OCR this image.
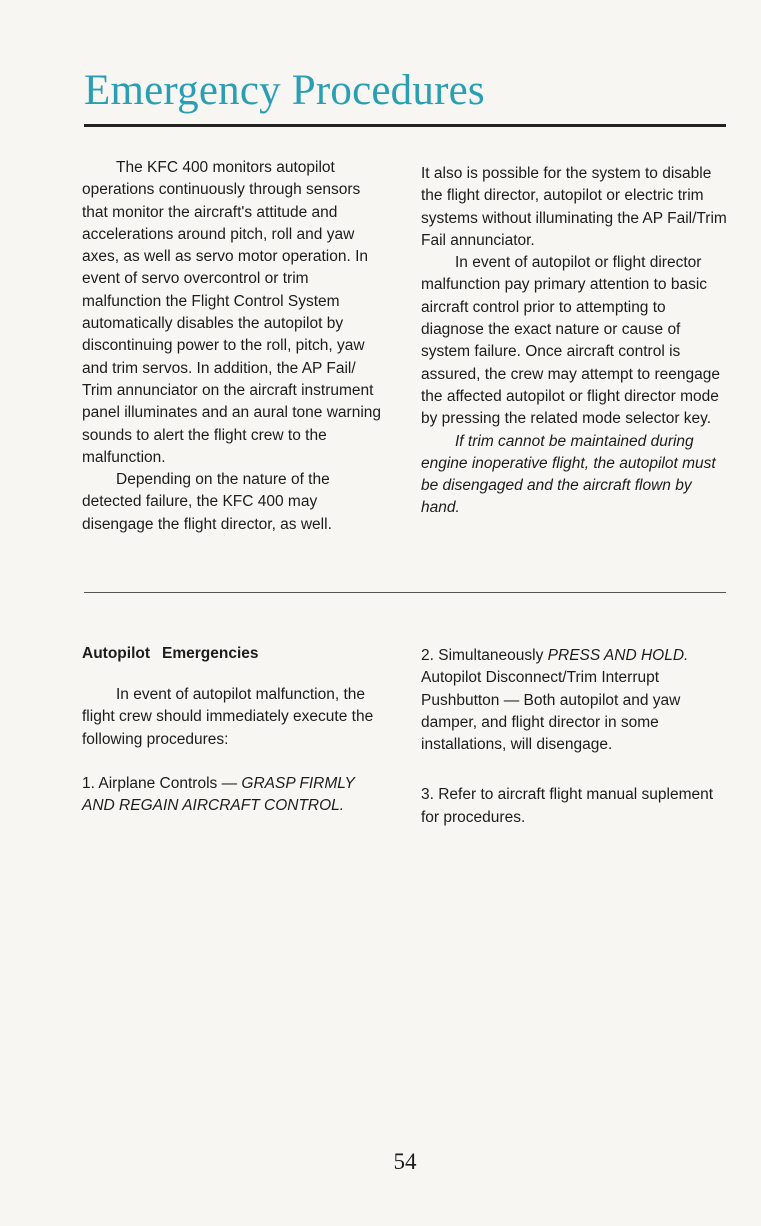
Emergency Procedures

The KFC 400 monitors autopilot operations continuously through sensors that monitor the aircraft's attitude and accelerations around pitch, roll and yaw axes, as well as servo motor operation. In event of servo overcontrol or trim malfunction the Flight Control System automatically disables the autopilot by discontinuing power to the roll, pitch, yaw and trim servos. In addition, the AP Fail/ Trim annunciator on the aircraft instrument panel illuminates and an aural tone warning sounds to alert the flight crew to the malfunction.

Depending on the nature of the detected failure, the KFC 400 may disengage the flight director, as well.

It also is possible for the system to disable the flight director, autopilot or electric trim systems without illuminating the AP Fail/Trim Fail annunciator.

In event of autopilot or flight director malfunction pay primary attention to basic aircraft control prior to attempting to diagnose the exact nature or cause of system failure. Once aircraft control is assured, the crew may attempt to reengage the affected autopilot or flight director mode by pressing the related mode selector key.

If trim cannot be maintained during engine inoperative flight, the autopilot must be disengaged and the aircraft flown by hand.

Autopilot Emergencies

In event of autopilot malfunction, the flight crew should immediately execute the following procedures:

1. Airplane Controls — GRASP FIRMLY AND REGAIN AIRCRAFT CONTROL.

2. Simultaneously PRESS AND HOLD. Autopilot Disconnect/Trim Interrupt Pushbutton — Both autopilot and yaw damper, and flight director in some installations, will disengage.

3. Refer to aircraft flight manual suplement for procedures.

54
